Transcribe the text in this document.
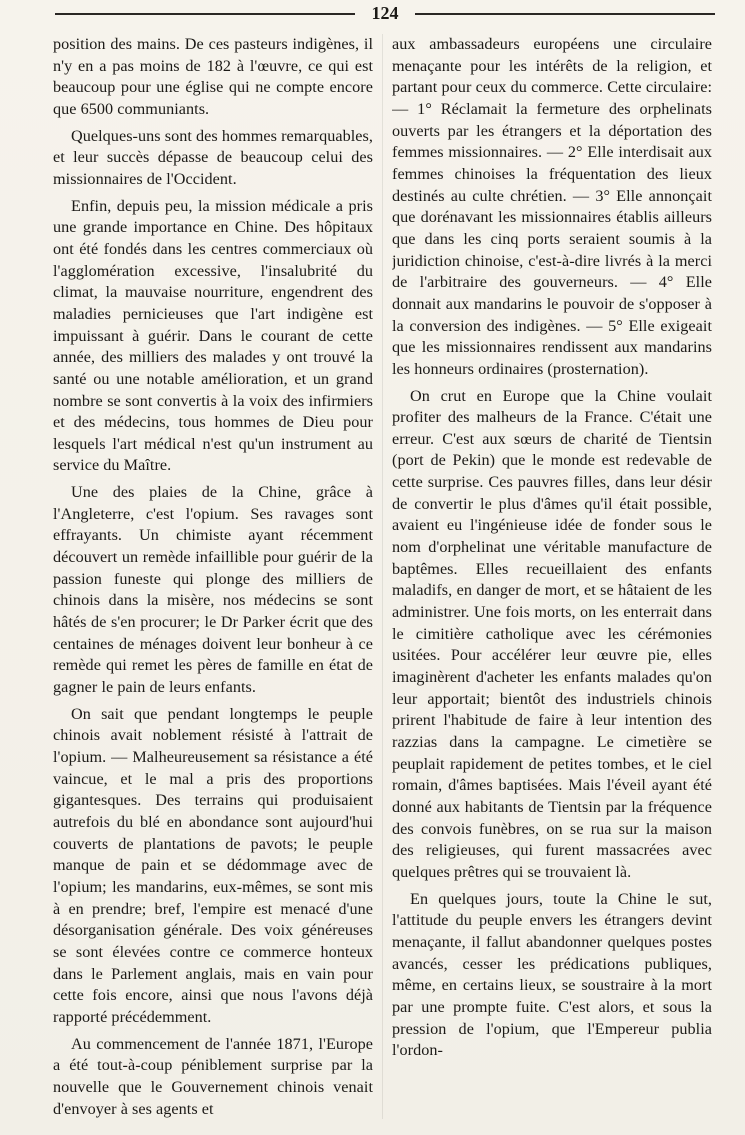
124

position des mains. De ces pasteurs indigènes, il n'y en a pas moins de 182 à l'œuvre, ce qui est beaucoup pour une église qui ne compte encore que 6500 communiants.

Quelques-uns sont des hommes remarquables, et leur succès dépasse de beaucoup celui des missionnaires de l'Occident.

Enfin, depuis peu, la mission médicale a pris une grande importance en Chine. Des hôpitaux ont été fondés dans les centres commerciaux où l'agglomération excessive, l'insalubrité du climat, la mauvaise nourriture, engendrent des maladies pernicieuses que l'art indigène est impuissant à guérir. Dans le courant de cette année, des milliers des malades y ont trouvé la santé ou une notable amélioration, et un grand nombre se sont convertis à la voix des infirmiers et des médecins, tous hommes de Dieu pour lesquels l'art médical n'est qu'un instrument au service du Maître.

Une des plaies de la Chine, grâce à l'Angleterre, c'est l'opium. Ses ravages sont effrayants. Un chimiste ayant récemment découvert un remède infaillible pour guérir de la passion funeste qui plonge des milliers de chinois dans la misère, nos médecins se sont hâtés de s'en procurer; le Dr Parker écrit que des centaines de ménages doivent leur bonheur à ce remède qui remet les pères de famille en état de gagner le pain de leurs enfants.

On sait que pendant longtemps le peuple chinois avait noblement résisté à l'attrait de l'opium. — Malheureusement sa résistance a été vaincue, et le mal a pris des proportions gigantesques. Des terrains qui produisaient autrefois du blé en abondance sont aujourd'hui couverts de plantations de pavots; le peuple manque de pain et se dédommage avec de l'opium; les mandarins, eux-mêmes, se sont mis à en prendre; bref, l'empire est menacé d'une désorganisation générale. Des voix généreuses se sont élevées contre ce commerce honteux dans le Parlement anglais, mais en vain pour cette fois encore, ainsi que nous l'avons déjà rapporté précédemment.

Au commencement de l'année 1871, l'Europe a été tout-à-coup péniblement surprise par la nouvelle que le Gouvernement chinois venait d'envoyer à ses agents et

aux ambassadeurs européens une circulaire menaçante pour les intérêts de la religion, et partant pour ceux du commerce. Cette circulaire: — 1° Réclamait la fermeture des orphelinats ouverts par les étrangers et la déportation des femmes missionnaires. — 2° Elle interdisait aux femmes chinoises la fréquentation des lieux destinés au culte chrétien. — 3° Elle annonçait que dorénavant les missionnaires établis ailleurs que dans les cinq ports seraient soumis à la juridiction chinoise, c'est-à-dire livrés à la merci de l'arbitraire des gouverneurs. — 4° Elle donnait aux mandarins le pouvoir de s'opposer à la conversion des indigènes. — 5° Elle exigeait que les missionnaires rendissent aux mandarins les honneurs ordinaires (prosternation).

On crut en Europe que la Chine voulait profiter des malheurs de la France. C'était une erreur. C'est aux sœurs de charité de Tientsin (port de Pekin) que le monde est redevable de cette surprise. Ces pauvres filles, dans leur désir de convertir le plus d'âmes qu'il était possible, avaient eu l'ingénieuse idée de fonder sous le nom d'orphelinat une véritable manufacture de baptêmes. Elles recueillaient des enfants maladifs, en danger de mort, et se hâtaient de les administrer. Une fois morts, on les enterrait dans le cimitière catholique avec les cérémonies usitées. Pour accélérer leur œuvre pie, elles imaginèrent d'acheter les enfants malades qu'on leur apportait; bientôt des industriels chinois prirent l'habitude de faire à leur intention des razzias dans la campagne. Le cimetière se peuplait rapidement de petites tombes, et le ciel romain, d'âmes baptisées. Mais l'éveil ayant été donné aux habitants de Tientsin par la fréquence des convois funèbres, on se rua sur la maison des religieuses, qui furent massacrées avec quelques prêtres qui se trouvaient là.

En quelques jours, toute la Chine le sut, l'attitude du peuple envers les étrangers devint menaçante, il fallut abandonner quelques postes avancés, cesser les prédications publiques, même, en certains lieux, se soustraire à la mort par une prompte fuite. C'est alors, et sous la pression de l'opium, que l'Empereur publia l'ordon-
